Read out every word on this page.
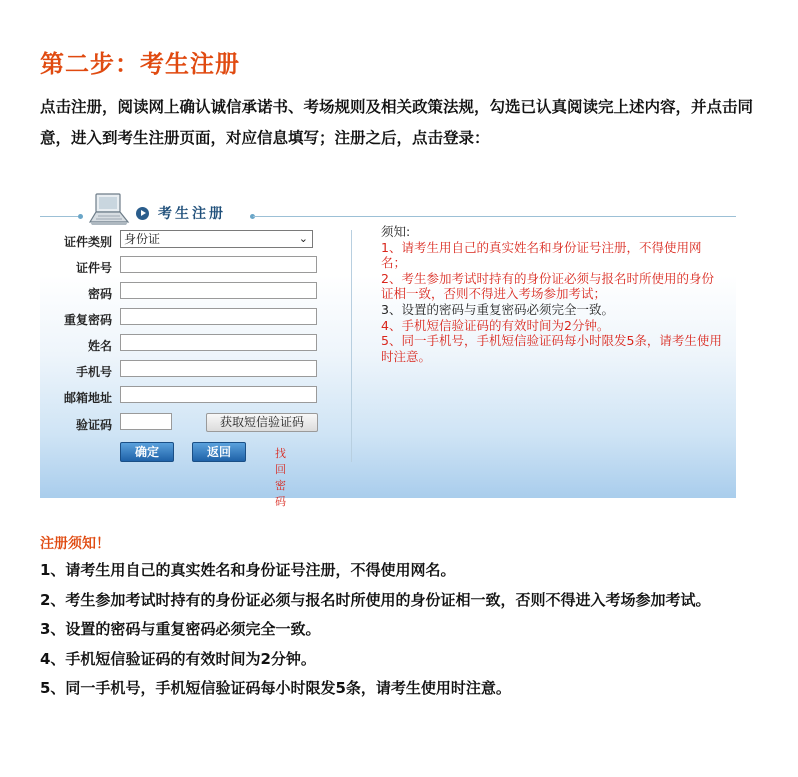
第二步：考生注册
点击注册，阅读网上确认诚信承诺书、考场规则及相关政策法规，勾选已认真阅读完上述内容，并点击同意，进入到考生注册页面，对应信息填写；注册之后，点击登录：
考生注册
证件类别	身份证	⌄
证件号
密码
重复密码
姓名
手机号
邮箱地址
验证码	获取短信验证码
确定	返回	找回密码
须知:
1、请考生用自己的真实姓名和身份证号注册，不得使用网名；
2、考生参加考试时持有的身份证必须与报名时所使用的身份证相一致，否则不得进入考场参加考试；
3、设置的密码与重复密码必须完全一致。
4、手机短信验证码的有效时间为2分钟。
5、同一手机号，手机短信验证码每小时限发5条，请考生使用时注意。
注册须知！
1、请考生用自己的真实姓名和身份证号注册，不得使用网名。
2、考生参加考试时持有的身份证必须与报名时所使用的身份证相一致，否则不得进入考场参加考试。
3、设置的密码与重复密码必须完全一致。
4、手机短信验证码的有效时间为2分钟。
5、同一手机号，手机短信验证码每小时限发5条，请考生使用时注意。
